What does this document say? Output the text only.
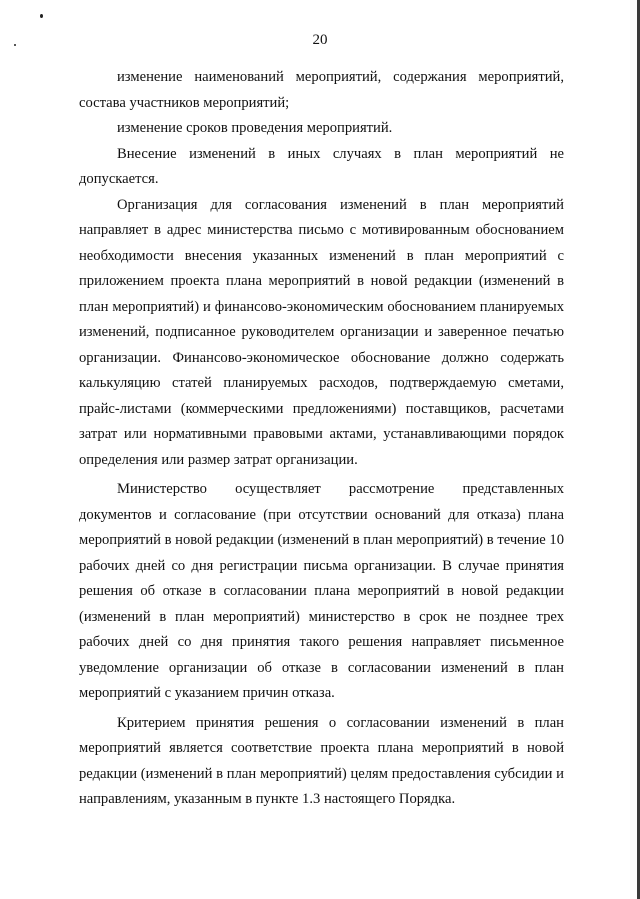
20

изменение наименований мероприятий, содержания мероприятий, состава участников мероприятий;

изменение сроков проведения мероприятий.

Внесение изменений в иных случаях в план мероприятий не допускается.

Организация для согласования изменений в план мероприятий направляет в адрес министерства письмо с мотивированным обоснованием необходимости внесения указанных изменений в план мероприятий с приложением проекта плана мероприятий в новой редакции (изменений в план мероприятий) и финансово-экономическим обоснованием планируемых изменений, подписанное руководителем организации и заверенное печатью организации. Финансово-экономическое обоснование должно содержать калькуляцию статей планируемых расходов, подтверждаемую сметами, прайс-листами (коммерческими предложениями) поставщиков, расчетами затрат или нормативными правовыми актами, устанавливающими порядок определения или размер затрат организации.

Министерство осуществляет рассмотрение представленных документов и согласование (при отсутствии оснований для отказа) плана мероприятий в новой редакции (изменений в план мероприятий) в течение 10 рабочих дней со дня регистрации письма организации. В случае принятия решения об отказе в согласовании плана мероприятий в новой редакции (изменений в план мероприятий) министерство в срок не позднее трех рабочих дней со дня принятия такого решения направляет письменное уведомление организации об отказе в согласовании изменений в план мероприятий с указанием причин отказа.

Критерием принятия решения о согласовании изменений в план мероприятий является соответствие проекта плана мероприятий в новой редакции (изменений в план мероприятий) целям предоставления субсидии и направлениям, указанным в пункте 1.3 настоящего Порядка.
